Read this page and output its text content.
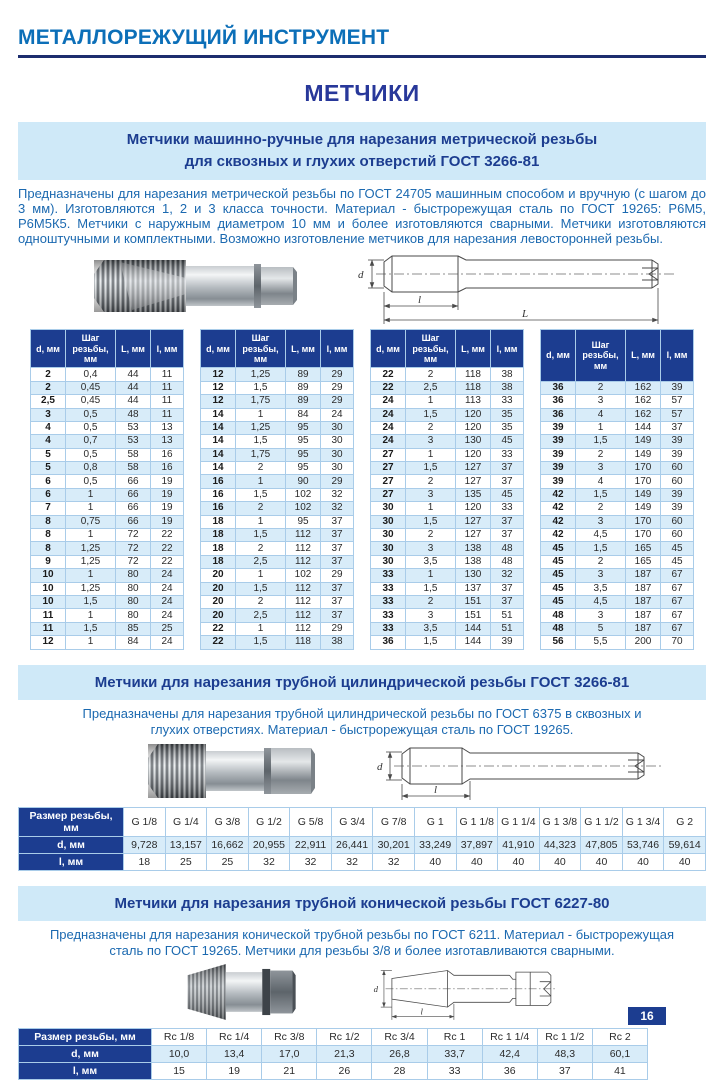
МЕТАЛЛОРЕЖУЩИЙ ИНСТРУМЕНТ
МЕТЧИКИ
Метчики машинно-ручные для нарезания метрической резьбы
для сквозных и глухих отверстий ГОСТ 3266-81
Предназначены для нарезания метрической резьбы по ГОСТ 24705 машинным способом и вручную (с шагом до 3 мм). Изготовляются 1, 2 и 3 класса точности. Материал - быстрорежущая сталь по ГОСТ 19265: Р6М5, Р6М5К5. Метчики с наружным диаметром 10 мм и более изготовляются сварными. Метчики изготовляются одноштучными и комплектными. Возможно изготовление метчиков для нарезания левосторонней резьбы.
d
l
L
d, мм	Шаг резьбы, мм	L, мм	l, мм
2	0,4	44	11
2	0,45	44	11
2,5	0,45	44	11
3	0,5	48	11
4	0,5	53	13
4	0,7	53	13
5	0,5	58	16
5	0,8	58	16
6	0,5	66	19
6	1	66	19
7	1	66	19
8	0,75	66	19
8	1	72	22
8	1,25	72	22
9	1,25	72	22
10	1	80	24
10	1,25	80	24
10	1,5	80	24
11	1	80	24
11	1,5	85	25
12	1	84	24
d, мм	Шаг резьбы, мм	L, мм	l, мм
12	1,25	89	29
12	1,5	89	29
12	1,75	89	29
14	1	84	24
14	1,25	95	30
14	1,5	95	30
14	1,75	95	30
14	2	95	30
16	1	90	29
16	1,5	102	32
16	2	102	32
18	1	95	37
18	1,5	112	37
18	2	112	37
18	2,5	112	37
20	1	102	29
20	1,5	112	37
20	2	112	37
20	2,5	112	37
22	1	112	29
22	1,5	118	38
d, мм	Шаг резьбы, мм	L, мм	l, мм
22	2	118	38
22	2,5	118	38
24	1	113	33
24	1,5	120	35
24	2	120	35
24	3	130	45
27	1	120	33
27	1,5	127	37
27	2	127	37
27	3	135	45
30	1	120	33
30	1,5	127	37
30	2	127	37
30	3	138	48
30	3,5	138	48
33	1	130	32
33	1,5	137	37
33	2	151	37
33	3	151	51
33	3,5	144	51
36	1,5	144	39
d, мм	Шаг резьбы, мм	L, мм	l, мм
36	2	162	39
36	3	162	57
36	4	162	57
39	1	144	37
39	1,5	149	39
39	2	149	39
39	3	170	60
39	4	170	60
42	1,5	149	39
42	2	149	39
42	3	170	60
42	4,5	170	60
45	1,5	165	45
45	2	165	45
45	3	187	67
45	3,5	187	67
45	4,5	187	67
48	3	187	67
48	5	187	67
56	5,5	200	70
Метчики для нарезания трубной цилиндрической резьбы ГОСТ 3266-81
Предназначены для нарезания трубной цилиндрической резьбы по ГОСТ 6375 в сквозных и глухих отверстиях. Материал - быстрорежущая сталь по ГОСТ 19265.
d
l
Размер резьбы, мм	G 1/8	G 1/4	G 3/8	G 1/2	G 5/8	G 3/4	G 7/8	G 1	G 1 1/8	G 1 1/4	G 1 3/8	G 1 1/2	G 1 3/4	G 2
d, мм	9,728	13,157	16,662	20,955	22,911	26,441	30,201	33,249	37,897	41,910	44,323	47,805	53,746	59,614
l, мм	18	25	25	32	32	32	32	40	40	40	40	40	40	40
Метчики для нарезания трубной конической резьбы ГОСТ 6227-80
Предназначены для нарезания конической трубной резьбы по ГОСТ 6211. Материал - быстрорежущая сталь по ГОСТ 19265. Метчики для резьбы 3/8 и более изготавливаются сварными.
d
l
Размер резьбы, мм	Rc 1/8	Rc 1/4	Rc 3/8	Rc 1/2	Rc 3/4	Rc 1	Rc 1 1/4	Rc 1 1/2	Rc 2
d, мм	10,0	13,4	17,0	21,3	26,8	33,7	42,4	48,3	60,1
l, мм	15	19	21	26	28	33	36	37	41
16
